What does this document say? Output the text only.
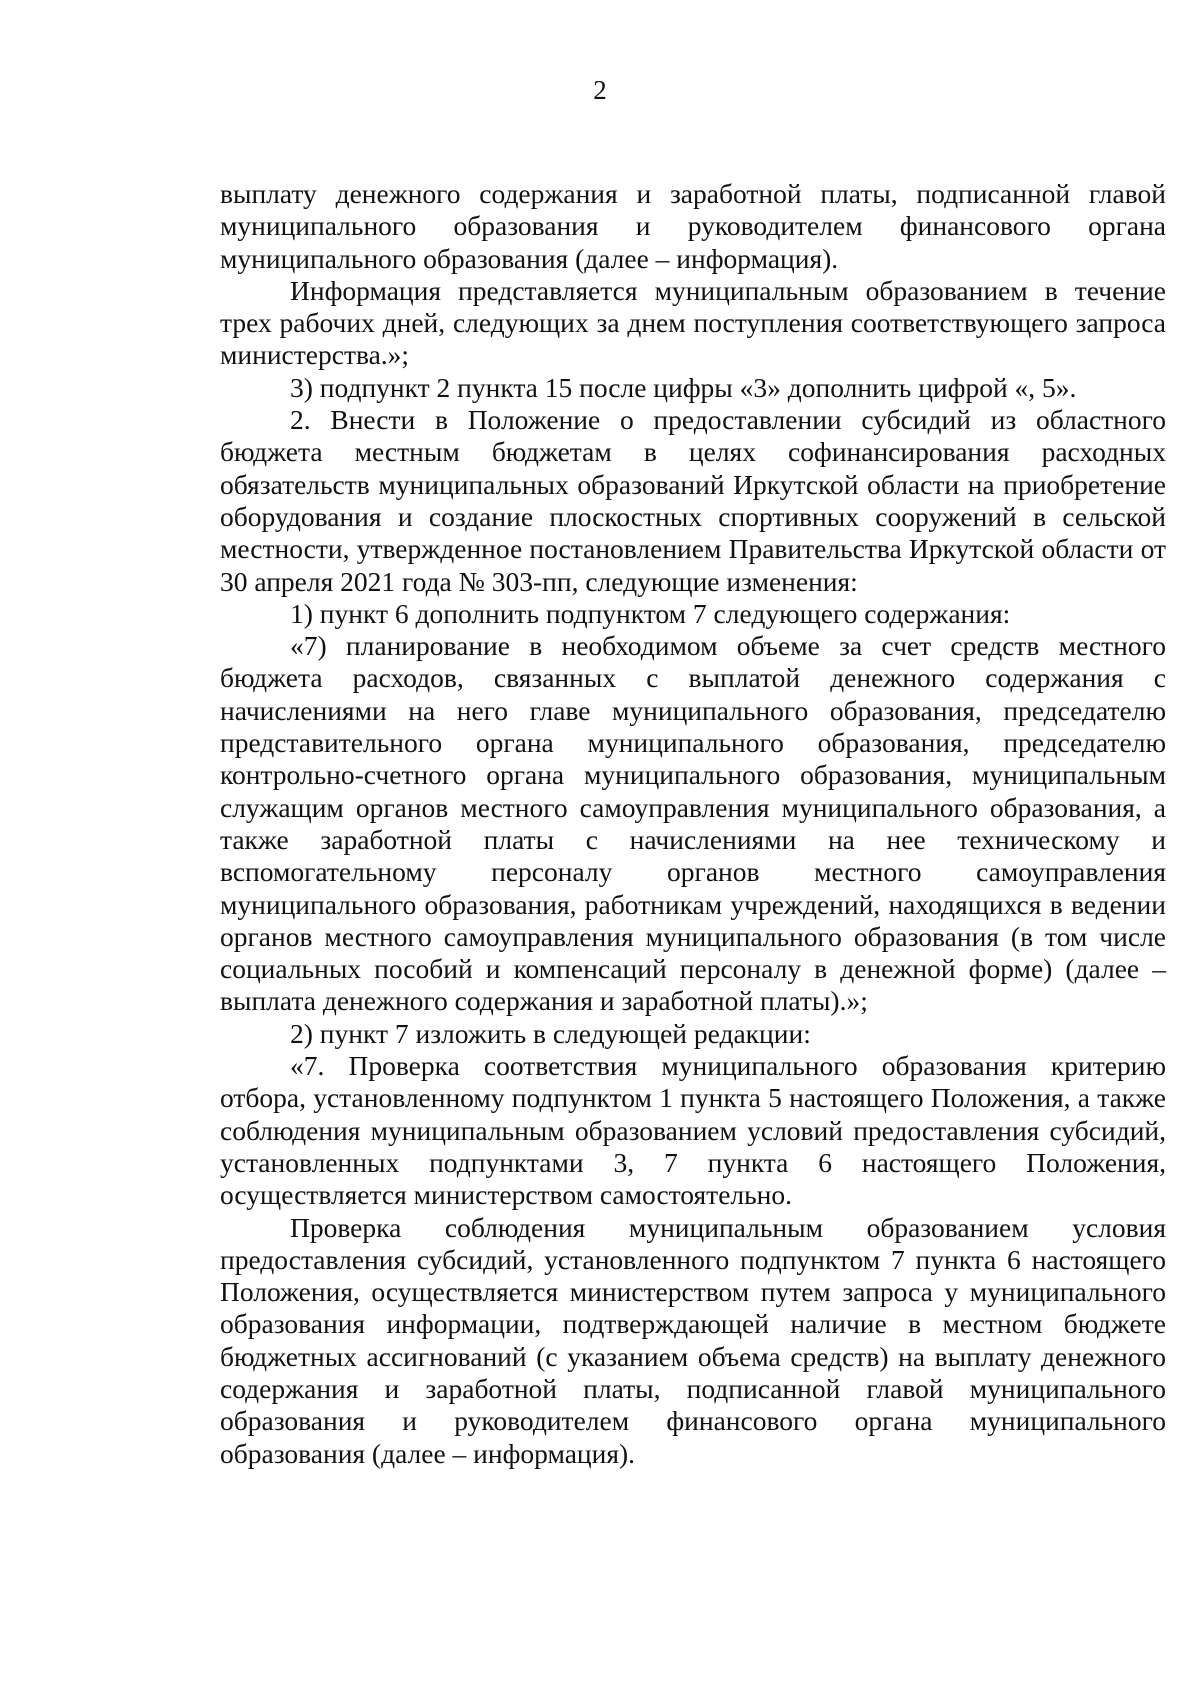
2

выплату денежного содержания и заработной платы, подписанной главой муниципального образования и руководителем финансового органа муниципального образования (далее – информация).

Информация представляется муниципальным образованием в течение трех рабочих дней, следующих за днем поступления соответствующего запроса министерства.»;

3) подпункт 2 пункта 15 после цифры «3» дополнить цифрой «, 5».

2. Внести в Положение о предоставлении субсидий из областного бюджета местным бюджетам в целях софинансирования расходных обязательств муниципальных образований Иркутской области на приобретение оборудования и создание плоскостных спортивных сооружений в сельской местности, утвержденное постановлением Правительства Иркутской области от 30 апреля 2021 года № 303-пп, следующие изменения:

1) пункт 6 дополнить подпунктом 7 следующего содержания:

«7) планирование в необходимом объеме за счет средств местного бюджета расходов, связанных с выплатой денежного содержания с начислениями на него главе муниципального образования, председателю представительного органа муниципального образования, председателю контрольно-счетного органа муниципального образования, муниципальным служащим органов местного самоуправления муниципального образования, а также заработной платы с начислениями на нее техническому и вспомогательному персоналу органов местного самоуправления муниципального образования, работникам учреждений, находящихся в ведении органов местного самоуправления муниципального образования (в том числе социальных пособий и компенсаций персоналу в денежной форме) (далее – выплата денежного содержания и заработной платы).»;

2) пункт 7 изложить в следующей редакции:

«7. Проверка соответствия муниципального образования критерию отбора, установленному подпунктом 1 пункта 5 настоящего Положения, а также соблюдения муниципальным образованием условий предоставления субсидий, установленных подпунктами 3, 7 пункта 6 настоящего Положения, осуществляется министерством самостоятельно.

Проверка соблюдения муниципальным образованием условия предоставления субсидий, установленного подпунктом 7 пункта 6 настоящего Положения, осуществляется министерством путем запроса у муниципального образования информации, подтверждающей наличие в местном бюджете бюджетных ассигнований (с указанием объема средств) на выплату денежного содержания и заработной платы, подписанной главой муниципального образования и руководителем финансового органа муниципального образования (далее – информация).
